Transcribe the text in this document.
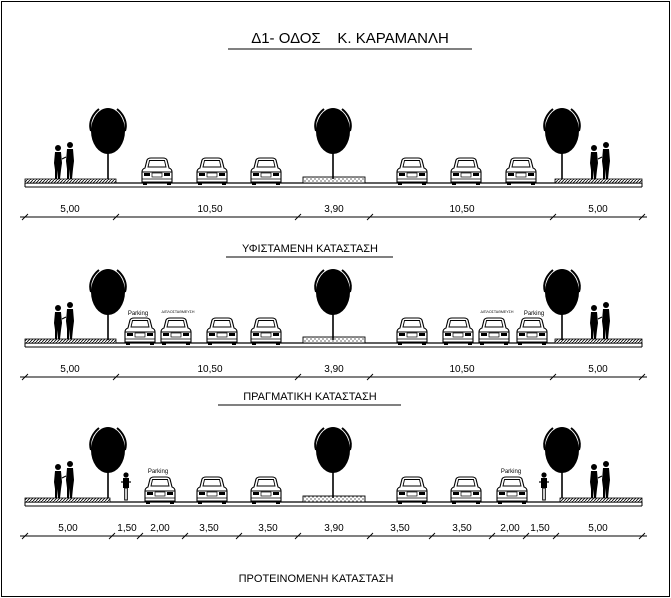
Δ1- ΟΔΟΣ    Κ. ΚΑΡΑΜΑΝΛΗ
5,00	10,50	3,90	10,50	5,00
ΥΦΙΣΤΑΜΕΝΗ ΚΑΤΑΣΤΑΣΗ
Parking	ΔΙΠΛΟΣΤΑΘΜΕΥΣΗ	ΔΙΠΛΟΣΤΑΘΜΕΥΣΗ Parking
5,00	10,50	3,90	10,50	5,00
ΠΡΑΓΜΑΤΙΚΗ ΚΑΤΑΣΤΑΣΗ
Parking	Parking
5,00	1,50 2,00	3,50	3,50	3,90	3,50	3,50	2,00 1,50	5,00
ΠΡΟΤΕΙΝΟΜΕΝΗ ΚΑΤΑΣΤΑΣΗ
